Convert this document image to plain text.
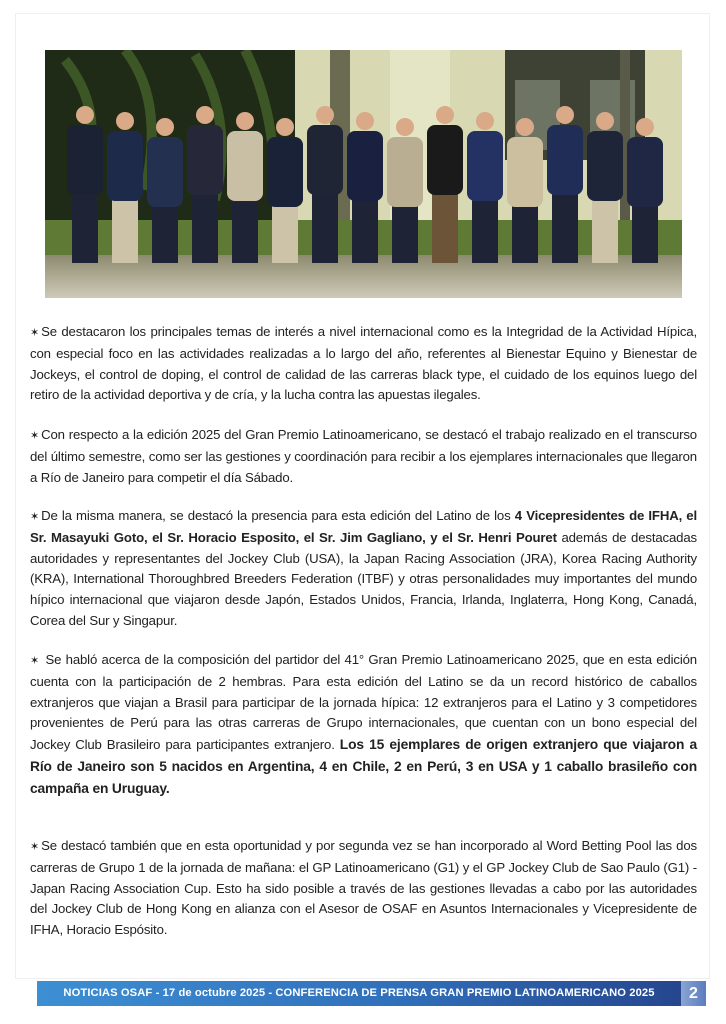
✶ Se destacaron los principales temas de interés a nivel internacional como es la Integridad de la Actividad Hípica, con especial foco en las actividades realizadas a lo largo del año, referentes al Bienestar Equino y Bienestar de Jockeys, el control de doping, el control de calidad de las carreras black type, el cuidado de los equinos luego del retiro de la actividad deportiva y de cría, y la lucha contra las apuestas ilegales.
✶ Con respecto a la edición 2025 del Gran Premio Latinoamericano, se destacó el trabajo realizado en el transcurso del último semestre, como ser las gestiones y coordinación para recibir a los ejemplares internacionales que llegaron a Río de Janeiro para competir el día Sábado.
✶ De la misma manera, se destacó la presencia para esta edición del Latino de los 4 Vicepresidentes de IFHA, el Sr. Masayuki Goto, el Sr. Horacio Esposito, el Sr. Jim Gagliano, y el Sr. Henri Pouret además de destacadas autoridades y representantes del Jockey Club (USA), la Japan Racing Association (JRA), Korea Racing Authority (KRA), International Thoroughbred Breeders Federation (ITBF) y otras personalidades muy importantes del mundo hípico internacional que viajaron desde Japón, Estados Unidos, Francia, Irlanda, Inglaterra, Hong Kong, Canadá, Corea del Sur y Singapur.
✶ Se habló acerca de la composición del partidor del 41° Gran Premio Latinoamericano 2025, que en esta edición cuenta con la participación de 2 hembras. Para esta edición del Latino se da un record histórico de caballos extranjeros que viajan a Brasil para participar de la jornada hípica: 12 extranjeros para el Latino y 3 competidores provenientes de Perú para las otras carreras de Grupo internacionales, que cuentan con un bono especial del Jockey Club Brasileiro para participantes extranjero. Los 15 ejemplares de origen extranjero que viajaron a Río de Janeiro son 5 nacidos en Argentina, 4 en Chile, 2 en Perú, 3 en USA y 1 caballo brasileño con campaña en Uruguay.
✶ Se destacó también que en esta oportunidad y por segunda vez se han incorporado al Word Betting Pool las dos carreras de Grupo 1 de la jornada de mañana: el GP Latinoamericano (G1) y el GP Jockey Club de Sao Paulo (G1) - Japan Racing Association Cup. Esto ha sido posible a través de las gestiones llevadas a cabo por las autoridades del Jockey Club de Hong Kong en alianza con el Asesor de OSAF en Asuntos Internacionales y Vicepresidente de IFHA, Horacio Espósito.
NOTICIAS OSAF - 17 de octubre 2025 - CONFERENCIA DE PRENSA GRAN PREMIO LATINOAMERICANO 2025	2
